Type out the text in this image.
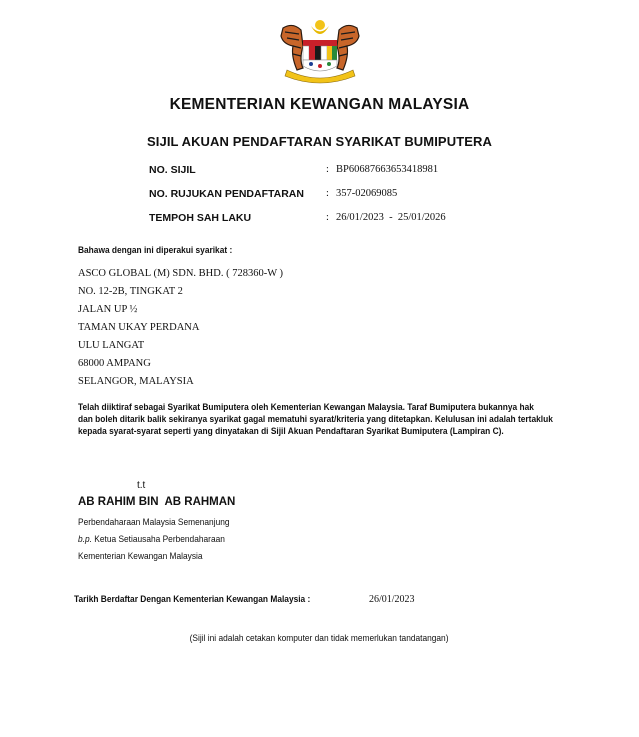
KEMENTERIAN KEWANGAN MALAYSIA
SIJIL AKUAN PENDAFTARAN SYARIKAT BUMIPUTERA
NO. SIJIL	: BP60687663653418981
NO. RUJUKAN PENDAFTARAN : 357-02069085
TEMPOH SAH LAKU	: 26/01/2023  -  25/01/2026
Bahawa dengan ini diperakui syarikat :
ASCO GLOBAL (M) SDN. BHD. ( 728360-W )
NO. 12-2B, TINGKAT 2
JALAN UP ½
TAMAN UKAY PERDANA
ULU LANGAT
68000 AMPANG
SELANGOR, MALAYSIA
Telah diiktiraf sebagai Syarikat Bumiputera oleh Kementerian Kewangan Malaysia. Taraf Bumiputera bukannya hak
dan boleh ditarik balik sekiranya syarikat gagal mematuhi syarat/kriteria yang ditetapkan. Kelulusan ini adalah tertakluk
kepada syarat-syarat seperti yang dinyatakan di Sijil Akuan Pendaftaran Syarikat Bumiputera (Lampiran C).
t.t
AB RAHIM BIN  AB RAHMAN
Perbendaharaan Malaysia Semenanjung
b.p. Ketua Setiausaha Perbendaharaan
Kementerian Kewangan Malaysia
Tarikh Berdaftar Dengan Kementerian Kewangan Malaysia :	26/01/2023
(Sijil ini adalah cetakan komputer dan tidak memerlukan tandatangan)
